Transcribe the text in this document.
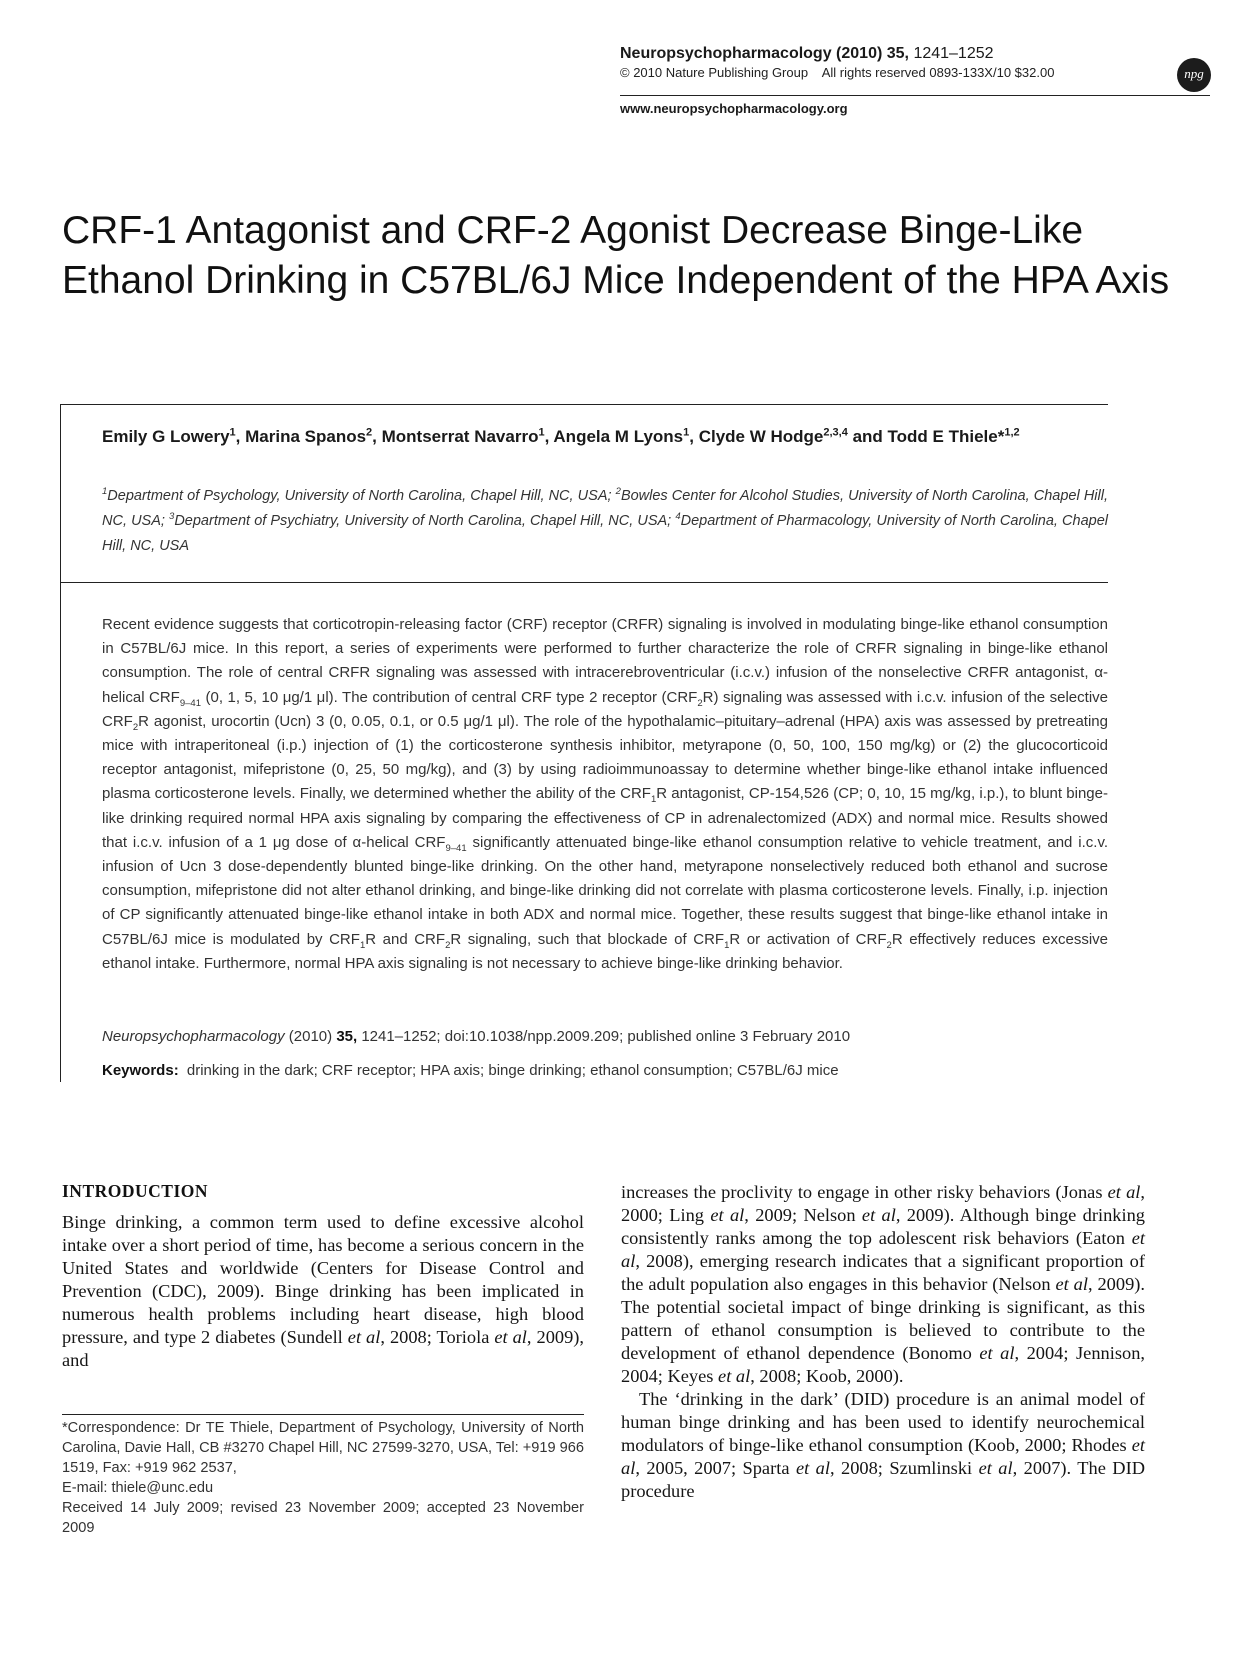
Neuropsychopharmacology (2010) 35, 1241–1252
© 2010 Nature Publishing Group All rights reserved 0893-133X/10 $32.00	npg
www.neuropsychopharmacology.org
CRF-1 Antagonist and CRF-2 Agonist Decrease Binge-Like Ethanol Drinking in C57BL/6J Mice Independent of the HPA Axis
Emily G Lowery$^1$, Marina Spanos$^2$, Montserrat Navarro$^1$, Angela M Lyons$^1$, Clyde W Hodge$^{2,3,4}$ and Todd E Thiele*$^{1,2}$
$^1$Department of Psychology, University of North Carolina, Chapel Hill, NC, USA; $^2$Bowles Center for Alcohol Studies, University of North Carolina, Chapel Hill, NC, USA; $^3$Department of Psychiatry, University of North Carolina, Chapel Hill, NC, USA; $^4$Department of Pharmacology, University of North Carolina, Chapel Hill, NC, USA
Recent evidence suggests that corticotropin-releasing factor (CRF) receptor (CRFR) signaling is involved in modulating binge-like ethanol consumption in C57BL/6J mice. In this report, a series of experiments were performed to further characterize the role of CRFR signaling in binge-like ethanol consumption. The role of central CRFR signaling was assessed with intracerebroventricular (i.c.v.) infusion of the nonselective CRFR antagonist, α-helical $CRF_{9-41}$ (0, 1, 5, 10 μg/1 μl). The contribution of central CRF type 2 receptor $(CRF_2R)$ signaling was assessed with i.c.v. infusion of the selective $CRF_2R$ agonist, urocortin (Ucn) 3 (0, 0.05, 0.1, or 0.5 μg/1 μl). The role of the hypothalamic–pituitary–adrenal (HPA) axis was assessed by pretreating mice with intraperitoneal (i.p.) injection of (1) the corticosterone synthesis inhibitor, metyrapone (0, 50, 100, 150 mg/kg) or (2) the glucocorticoid receptor antagonist, mifepristone (0, 25, 50 mg/kg), and (3) by using radioimmunoassay to determine whether binge-like ethanol intake influenced plasma corticosterone levels. Finally, we determined whether the ability of the $CRF_1R$ antagonist, CP-154,526 (CP; 0, 10, 15 mg/kg, i.p.), to blunt binge-like drinking required normal HPA axis signaling by comparing the effectiveness of CP in adrenalectomized (ADX) and normal mice. Results showed that i.c.v. infusion of a 1 μg dose of α-helical $CRF_{9-41}$ significantly attenuated binge-like ethanol consumption relative to vehicle treatment, and i.c.v. infusion of Ucn 3 dose-dependently blunted binge-like drinking. On the other hand, metyrapone nonselectively reduced both ethanol and sucrose consumption, mifepristone did not alter ethanol drinking, and binge-like drinking did not correlate with plasma corticosterone levels. Finally, i.p. injection of CP significantly attenuated binge-like ethanol intake in both ADX and normal mice. Together, these results suggest that binge-like ethanol intake in C57BL/6J mice is modulated by $CRF_1R$ and $CRF_2R$ signaling, such that blockade of $CRF_1R$ or activation of $CRF_2R$ effectively reduces excessive ethanol intake. Furthermore, normal HPA axis signaling is not necessary to achieve binge-like drinking behavior.
Neuropsychopharmacology (2010) 35, 1241–1252; doi:10.1038/npp.2009.209; published online 3 February 2010
Keywords: drinking in the dark; CRF receptor; HPA axis; binge drinking; ethanol consumption; C57BL/6J mice
INTRODUCTION

Binge drinking, a common term used to define excessive alcohol intake over a short period of time, has become a serious concern in the United States and worldwide (Centers for Disease Control and Prevention (CDC), 2009). Binge drinking has been implicated in numerous health problems including heart disease, high blood pressure, and type 2 diabetes (Sundell et al, 2008; Toriola et al, 2009), and

increases the proclivity to engage in other risky behaviors (Jonas et al, 2000; Ling et al, 2009; Nelson et al, 2009). Although binge drinking consistently ranks among the top adolescent risk behaviors (Eaton et al, 2008), emerging research indicates that a significant proportion of the adult population also engages in this behavior (Nelson et al, 2009). The potential societal impact of binge drinking is significant, as this pattern of ethanol consumption is believed to contribute to the development of ethanol dependence (Bonomo et al, 2004; Jennison, 2004; Keyes et al, 2008; Koob, 2000).

The ‘drinking in the dark’ (DID) procedure is an animal model of human binge drinking and has been used to identify neurochemical modulators of binge-like ethanol consumption (Koob, 2000; Rhodes et al, 2005, 2007; Sparta et al, 2008; Szumlinski et al, 2007). The DID procedure

*Correspondence: Dr TE Thiele, Department of Psychology, University of North Carolina, Davie Hall, CB #3270 Chapel Hill, NC 27599-3270, USA, Tel: +919 966 1519, Fax: +919 962 2537,

E-mail: thiele@unc.edu

Received 14 July 2009; revised 23 November 2009; accepted 23 November 2009
